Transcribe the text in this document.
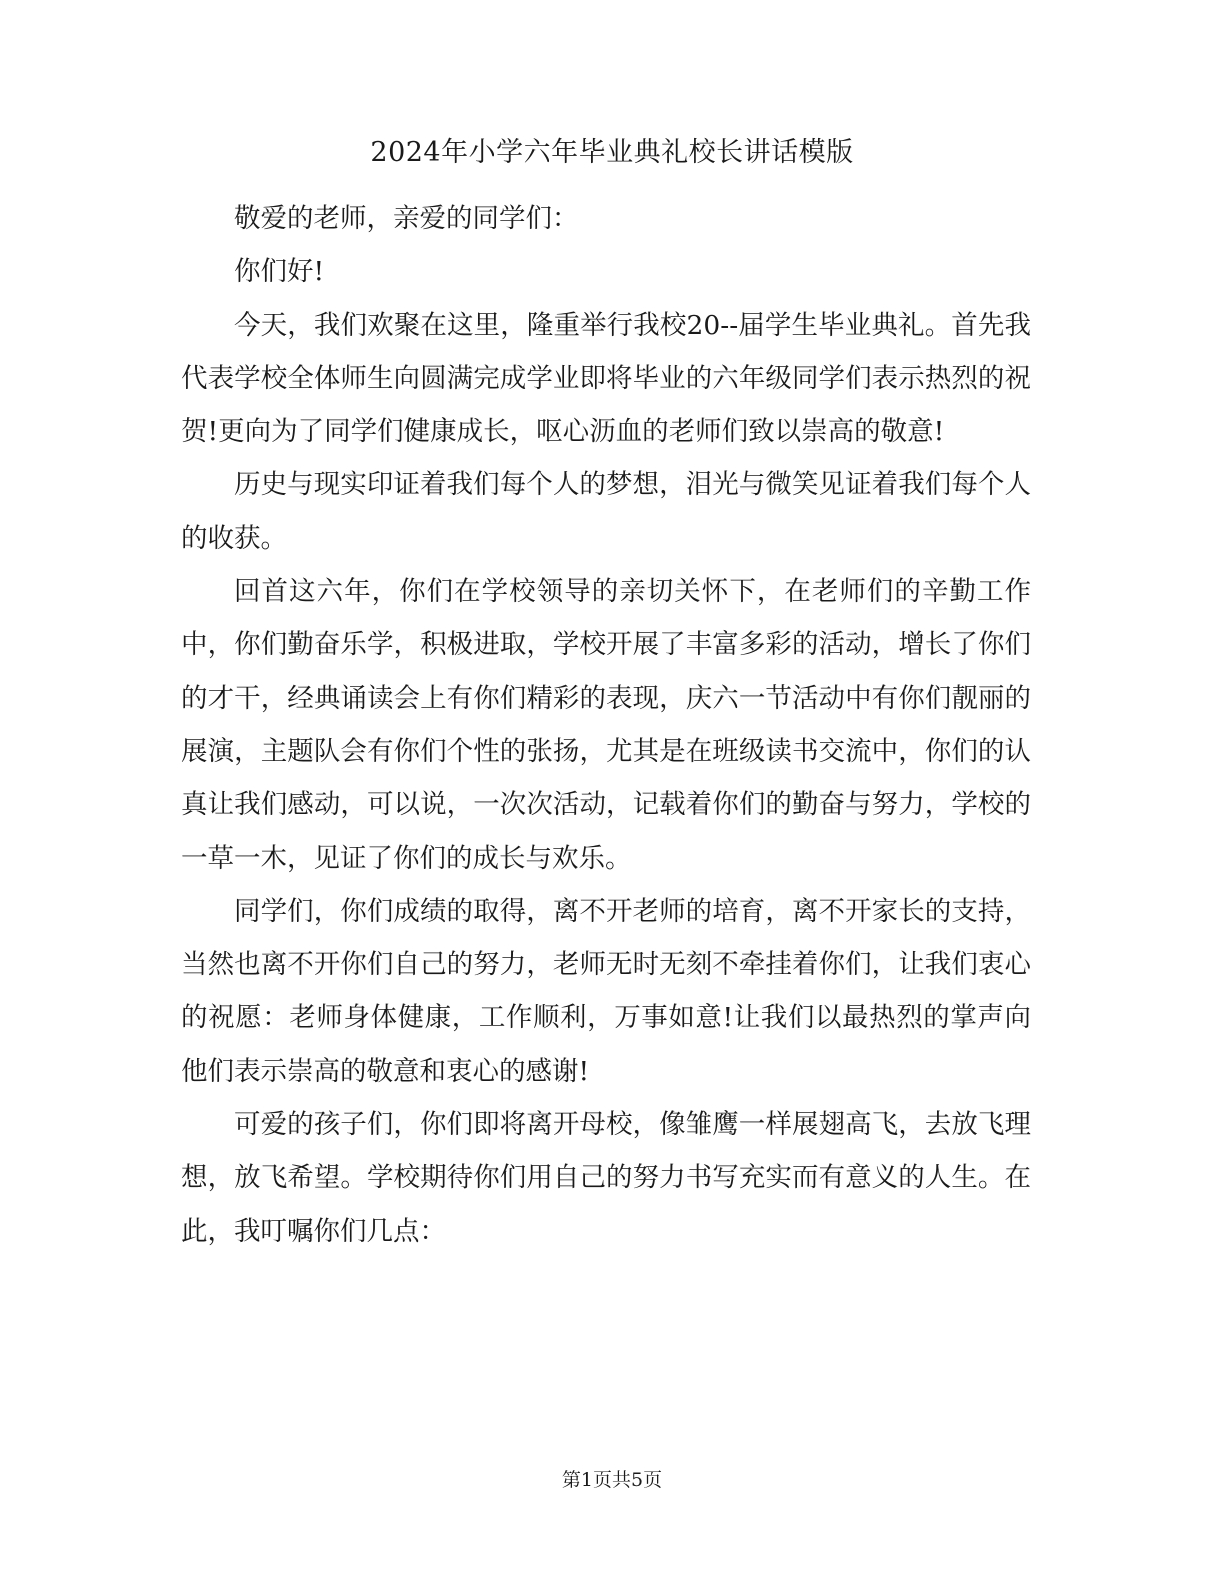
2024年小学六年毕业典礼校长讲话模版

敬爱的老师，亲爱的同学们：

你们好!

今天，我们欢聚在这里，隆重举行我校20--届学生毕业典礼。首先我代表学校全体师生向圆满完成学业即将毕业的六年级同学们表示热烈的祝贺!更向为了同学们健康成长，呕心沥血的老师们致以崇高的敬意!

历史与现实印证着我们每个人的梦想，泪光与微笑见证着我们每个人的收获。

回首这六年，你们在学校领导的亲切关怀下，在老师们的辛勤工作中，你们勤奋乐学，积极进取，学校开展了丰富多彩的活动，增长了你们的才干，经典诵读会上有你们精彩的表现，庆六一节活动中有你们靓丽的展演，主题队会有你们个性的张扬，尤其是在班级读书交流中，你们的认真让我们感动，可以说，一次次活动，记载着你们的勤奋与努力，学校的一草一木，见证了你们的成长与欢乐。

同学们，你们成绩的取得，离不开老师的培育，离不开家长的支持，当然也离不开你们自己的努力，老师无时无刻不牵挂着你们，让我们衷心的祝愿：老师身体健康，工作顺利，万事如意!让我们以最热烈的掌声向他们表示崇高的敬意和衷心的感谢!

可爱的孩子们，你们即将离开母校，像雏鹰一样展翅高飞，去放飞理想，放飞希望。学校期待你们用自己的努力书写充实而有意义的人生。在此，我叮嘱你们几点：

第1页共5页
